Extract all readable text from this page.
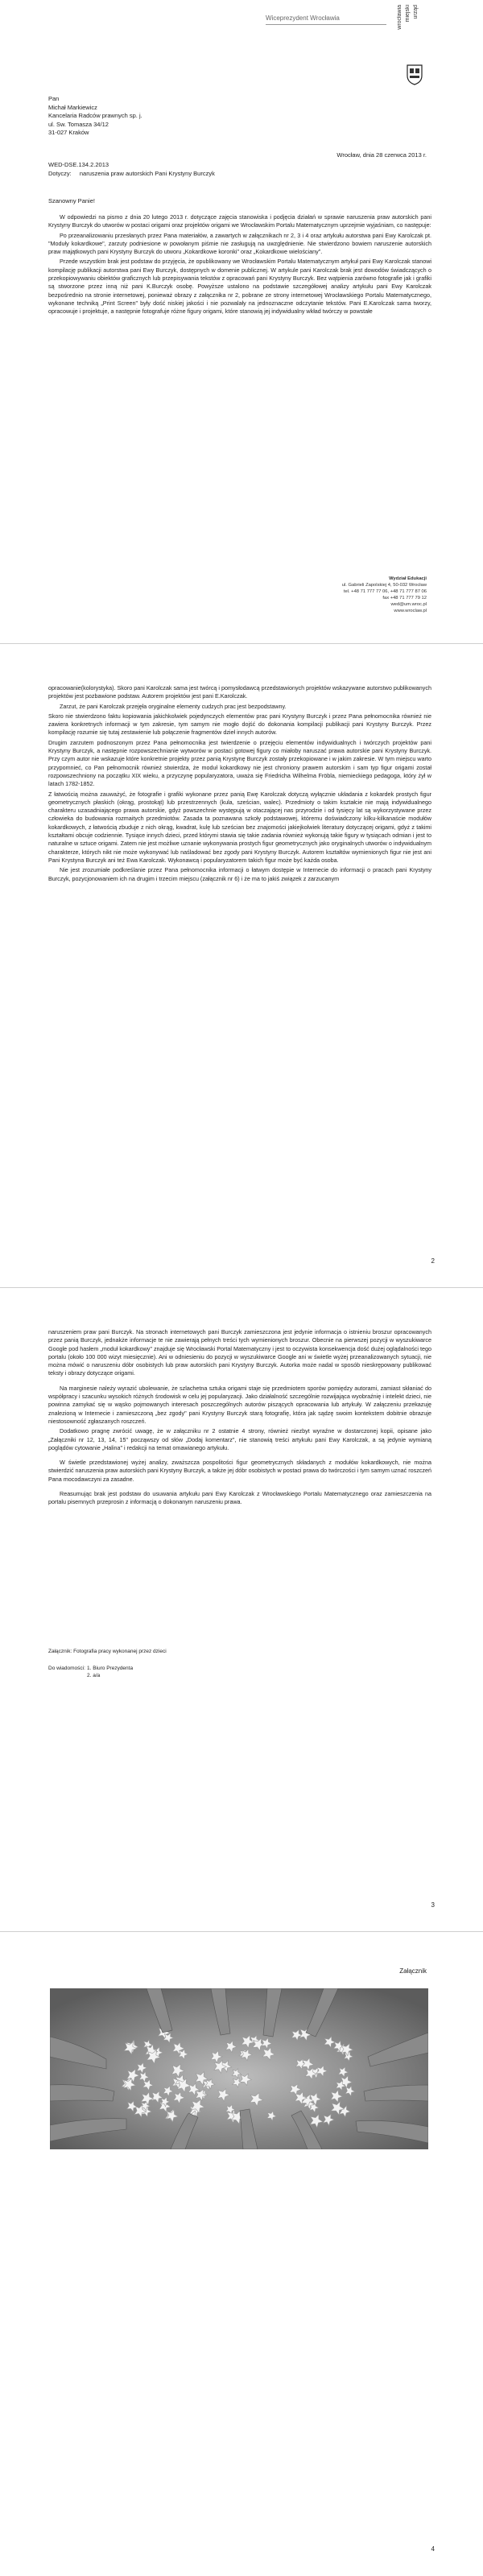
Wiceprezydent Wrocławia	urząd
miejski
wrocławia
Pan
Michał Markiewicz
Kancelaria Radców prawnych sp. j.
ul. Sw. Tomasza 34/12
31-027 Kraków
Wrocław, dnia 28 czerwca 2013 r.
WED-DSE.134.2.2013
Dotyczy: naruszenia praw autorskich Pani Krystyny Burczyk
Szanowny Panie!

W odpowiedzi na pismo z dnia 20 lutego 2013 r. dotyczące zajęcia stanowiska i podjęcia działań w sprawie naruszenia praw autorskich pani Krystyny Burczyk do utworów w postaci origami oraz projektów origami we Wrocławskim Portalu Matematycznym uprzejmie wyjaśniam, co następuje:

Po przeanalizowaniu przesłanych przez Pana materiałów, a zawartych w załącznikach nr 2, 3 i 4 oraz artykułu autorstwa pani Ewy Karolczak pt. "Moduły kokardkowe", zarzuty podniesione w powołanym piśmie nie zasługują na uwzględnienie. Nie stwierdzono bowiem naruszenie autorskich praw majątkowych pani Krystyny Burczyk do utworu „Kokardkowe koronki" oraz „Kokardkowe wielościany".

Przede wszystkim brak jest podstaw do przyjęcia, że opublikowany we Wrocławskim Portalu Matematycznym artykuł pani Ewy Karolczak stanowi kompilację publikacji autorstwa pani Ewy Burczyk, dostępnych w domenie publicznej. W artykule pani Karolczak brak jest dowodów świadczących o przekopiowywaniu obiektów graficznych lub przepisywania tekstów z opracowań pani Krystyny Burczyk. Bez wątpienia zarówno fotografie jak i grafiki są stworzone przez inną niż pani K.Burczyk osobę. Powyższe ustalono na podstawie szczegółowej analizy artykułu pani Ewy Karolczak bezpośrednio na stronie internetowej, ponieważ obrazy z załącznika nr 2, pobrane ze strony internetowej Wrocławskiego Portalu Matematycznego, wykonane techniką „Print Screen" były dość niskiej jakości i nie pozwalały na jednoznaczne odczytanie tekstów. Pani E.Karolczak sama tworzy, opracowuje i projektuje, a następnie fotografuje różne figury origami, które stanowią jej indywidualny wkład twórczy w powstałe

Wydział Edukacji
ul. Gabrieli Zapolskiej 4, 50-032 Wrocław
tel. +48 71 777 77 06, +48 71 777 87 06
fax +48 71 777 79 12
wed@um.wroc.pl
www.wroclaw.pl

opracowanie(kolorystyka). Skoro pani Karolczak sama jest twórcą i pomysłodawcą przedstawionych projektów wskazywane autorstwo publikowanych projektów jest pozbawione podstaw. Autorem projektów jest pani E.Karolczak.

Zarzut, że pani Karolczak przejęła oryginalne elementy cudzych prac jest bezpodstawny.

Skoro nie stwierdzono faktu kopiowania jakichkolwiek pojedynczych elementów prac pani Krystyny Burczyk i przez Pana pełnomocnika również nie zawiera konkretnych informacji w tym zakresie, tym samym nie mogło dojść do dokonania kompilacji publikacji pani Krystyny Burczyk. Przez kompilację rozumie się tutaj zestawienie lub połączenie fragmentów dzieł innych autorów.

Drugim zarzutem podnoszonym przez Pana pełnomocnika jest twierdzenie o przejęciu elementów indywidualnych i twórczych projektów pani Krystyny Burczyk, a następnie rozpowszechnianie wytworów w postaci gotowej figury co miałoby naruszać prawa autorskie pani Krystyny Burczyk. Przy czym autor nie wskazuje które konkretnie projekty przez panią Krystynę Burczyk zostały przekopiowane i w jakim zakresie. W tym miejscu warto przypomnieć, co Pan pełnomocnik również stwierdza, że moduł kokardkowy nie jest chroniony prawem autorskim i sam typ figur origami został rozpowszechniony na początku XIX wieku, a przyczynę popularyzatora, uważa się Friedricha Wilhelma Fröbla, niemieckiego pedagoga, który żył w latach 1782-1852.

Z łatwością można zauważyć, że fotografie i grafiki wykonane przez panią Ewę Karolczak dotyczą wyłącznie układania z kokardek prostych figur geometrycznych płaskich (okrąg, prostokąt) lub przestrzennych (kula, sześcian, walec). Przedmioty o takim kształcie nie mają indywidualnego charakteru uzasadniającego prawa autorskie, gdyż powszechnie występują w otaczającej nas przyrodzie i od tysięcy lat są wykorzystywane przez człowieka do budowania rozmaitych przedmiotów. Zasada ta poznawana szkoły podstawowej, któremu doświadczony kilku-kilkanaście modułów kokardkowych, z łatwością zbuduje z nich okrąg, kwadrat, kulę lub sześcian bez znajomości jakiejkolwiek literatury dotyczącej origami, gdyż z takimi kształtami obcuje codziennie. Tysiące innych dzieci, przed którymi stawia się takie zadania również wykonują takie figury w tysiącach odmian i jest to naturalne w sztuce origami. Zatem nie jest możliwe uznanie wykonywania prostych figur geometrycznych jako oryginalnych utworów o indywidualnym charakterze, których nikt nie może wykonywać lub naśladować bez zgody pani Krystyny Burczyk. Autorem kształtów wymienionych figur nie jest ani Pani Krystyna Burczyk ani też Ewa Karolczak. Wykonawcą i popularyzatorem takich figur może być każda osoba.

Nie jest zrozumiałe podkreślanie przez Pana pełnomocnika informacji o łatwym dostępie w Internecie do informacji o pracach pani Krystyny Burczyk, pozycjonowaniem ich na drugim i trzecim miejscu (załącznik nr 6) i że ma to jakiś związek z zarzucanym

2

naruszeniem praw pani Burczyk. Na stronach internetowych pani Burczyk zamieszczona jest jedynie informacja o istnieniu broszur opracowanych przez panią Burczyk, jednakże informacje te nie zawierają pełnych treści tych wymienionych broszur. Obecnie na pierwszej pozycji w wyszukiwarce Google pod hasłem „moduł kokardkowy" znajduje się Wrocławski Portal Matematyczny i jest to oczywista konsekwencja dość dużej oglądalności tego portalu (około 100 000 wizyt miesięcznie). Ani w odniesieniu do pozycji w wyszukiwarce Google ani w świetle wyżej przeanalizowanych sytuacji, nie można mówić o naruszeniu dóbr osobistych lub praw autorskich pani Krystyny Burczyk. Autorka może nadal w sposób nieskrępowany publikować teksty i obrazy dotyczące origami.

Na marginesie należy wyrazić ubolewanie, że szlachetna sztuka origami staje się przedmiotem sporów pomiędzy autorami, zamiast skłaniać do współpracy i szacunku wysokich różnych środowisk w celu jej popularyzacji. Jako działalność szczególnie rozwijająca wyobraźnię i intelekt dzieci, nie powinna zamykać się w wąsko pojmowanych interesach poszczególnych autorów piszących opracowania lub artykuły. W załączeniu przekazuję znalezioną w Internecie i zamieszczoną „bez zgody" pani Krystyny Burczyk starą fotografię, która jak sądzę swoim kontekstem dobitnie obrazuje niestosowność zgłaszanych roszczeń.

Dodatkowo pragnę zwrócić uwagę, że w załączniku nr 2 ostatnie 4 strony, również niezbyt wyraźne w dostarczonej kopii, opisane jako „Załączniki nr 12, 13, 14, 15" począwszy od słów „Dodaj komentarz", nie stanowią treści artykułu pani Ewy Karolczak, a są jedynie wymianą poglądów cytowanie „Halina" i redakcji na temat omawianego artykułu.

W świetle przedstawionej wyżej analizy, zważszcza pospolitości figur geometrycznych składanych z modułów kokardkowych, nie można stwierdzić naruszenia praw autorskich pani Krystyny Burczyk, a także jej dóbr osobistych w postaci prawa do twórczości i tym samym uznać roszczeń Pana mocodawczyni za zasadne.

Reasumując brak jest podstaw do usuwania artykułu pani Ewy Karolczak z Wrocławskiego Portalu Matematycznego oraz zamieszczenia na portalu pisemnych przeprosin z informacją o dokonanym naruszeniu prawa.

Załącznik: Fotografia pracy wykonanej przez dzieci
Do wiadomości: 1. Biuro Prezydenta
2. a/a
3
Załącznik
4
